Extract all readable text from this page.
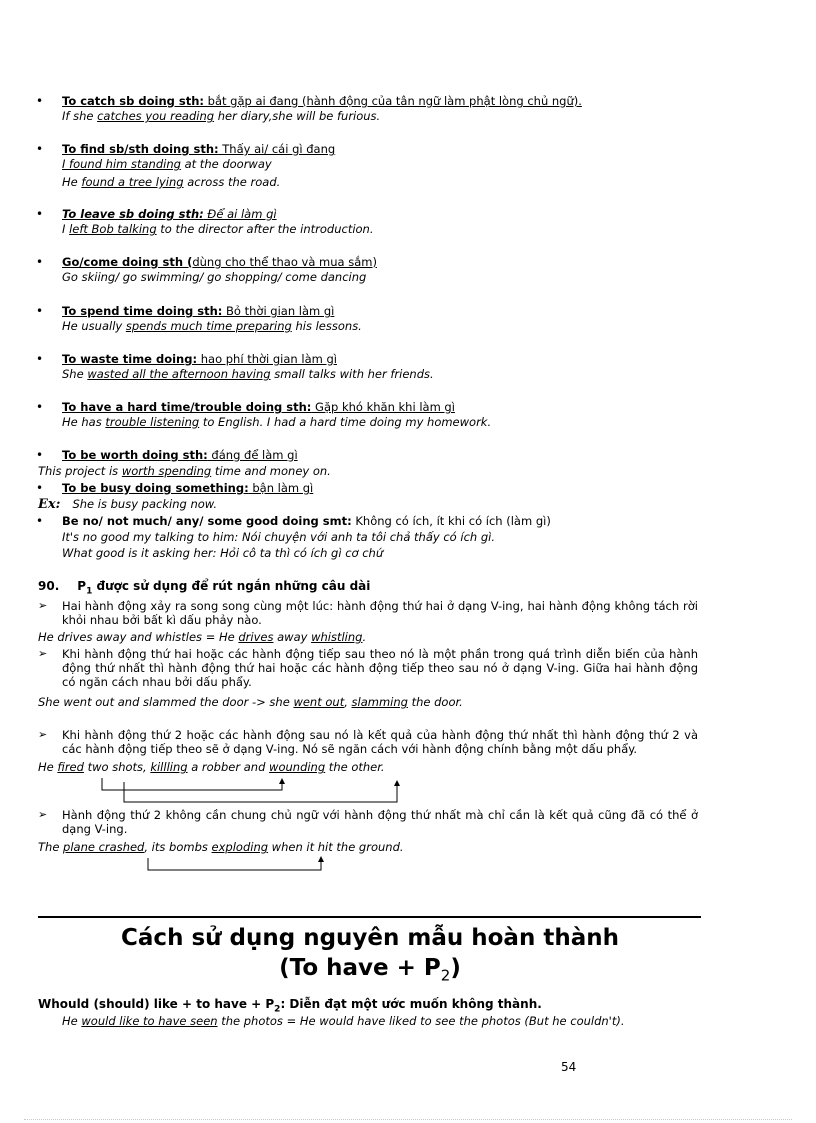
• To catch sb doing sth: bắt gặp ai đang (hành động của tân ngữ làm phật lòng chủ ngữ).
If she catches you reading her diary,she will be furious.
• To find sb/sth doing sth: Thấy ai/ cái gì đang
I found him standing at the doorway
He found a tree lying across the road.
• To leave sb doing sth: Để ai làm gì
I left Bob talking to the director after the introduction.
• Go/come doing sth (dùng cho thể thao và mua sắm)
Go skiing/ go swimming/ go shopping/ come dancing
• To spend time doing sth: Bỏ thời gian làm gì
He usually spends much time preparing his lessons.
• To waste time doing: hao phí thời gian làm gì
She wasted all the afternoon having small talks with her friends.
• To have a hard time/trouble doing sth: Gặp khó khăn khi làm gì
He has trouble listening to English. I had a hard time doing my homework.
• To be worth doing sth: đáng để làm gì
This project is worth spending time and money on.
• To be busy doing something: bận làm gì
Ex: She is busy packing now.
• Be no/ not much/ any/ some good doing smt: Không có ích, ít khi có ích (làm gì)
It's no good my talking to him: Nói chuyện với anh ta tôi chả thấy có ích gì.
What good is it asking her: Hỏi cô ta thì có ích gì cơ chứ
90. $P_1$ được sử dụng để rút ngắn những câu dài
➢ Hai hành động xảy ra song song cùng một lúc: hành động thứ hai ở dạng V-ing, hai hành động không tách rời khỏi nhau bởi bất kì dấu phảy nào.
He drives away and whistles = He drives away whistling.
➢ Khi hành động thứ hai hoặc các hành động tiếp sau theo nó là một phần trong quá trình diễn biến của hành động thứ nhất thì hành động thứ hai hoặc các hành động tiếp theo sau nó ở dạng V-ing. Giữa hai hành động có ngăn cách nhau bởi dấu phẩy.
She went out and slammed the door -> she went out, slamming the door.
➢ Khi hành động thứ 2 hoặc các hành động sau nó là kết quả của hành động thứ nhất thì hành động thứ 2 và các hành động tiếp theo sẽ ở dạng V-ing. Nó sẽ ngăn cách với hành động chính bằng một dấu phẩy.
He fired two shots, killling a robber and wounding the other.
➢ Hành động thứ 2 không cần chung chủ ngữ với hành động thứ nhất mà chỉ cần là kết quả cũng đã có thể ở dạng V-ing.
The plane crashed, its bombs exploding when it hit the ground.
Cách sử dụng nguyên mẫu hoàn thành
(To have + $P_2$)
Whould (should) like + to have + $P_2$: Diễn đạt một ước muốn không thành.
He would like to have seen the photos = He would have liked to see the photos (But he couldn't).
54
